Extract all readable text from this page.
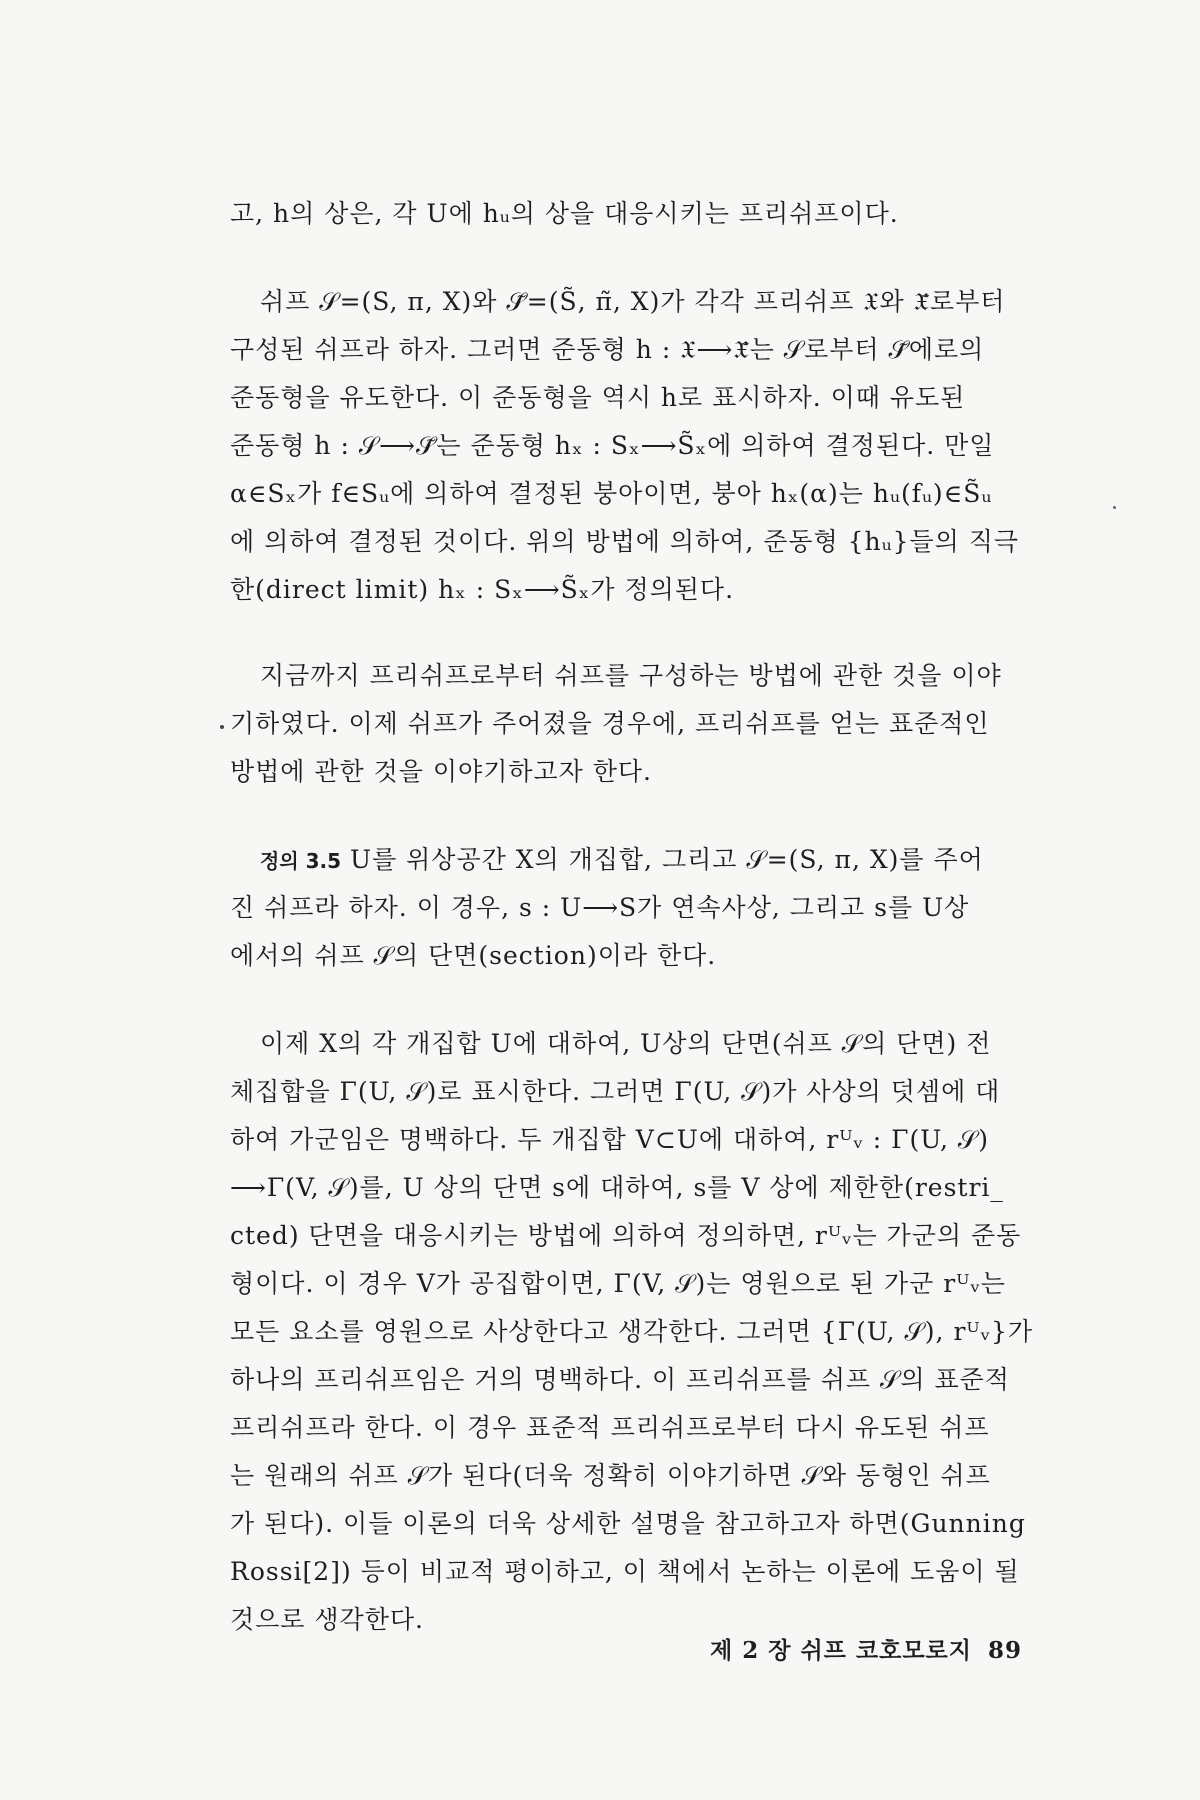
고, h의 상은, 각 U에 hᵤ의 상을 대응시키는 프리쉬프이다.

쉬프 𝒮=(S, π, X)와 𝒮̃=(S̃, π̃, X)가 각각 프리쉬프 𝔛와 𝔛̃로부터
구성된 쉬프라 하자. 그러면 준동형 h : 𝔛⟶𝔛̃는 𝒮로부터 𝒮̃에로의
준동형을 유도한다. 이 준동형을 역시 h로 표시하자. 이때 유도된
준동형 h : 𝒮⟶𝒮̃는 준동형 hₓ : Sₓ⟶S̃ₓ에 의하여 결정된다. 만일
α∈Sₓ가 f∈Sᵤ에 의하여 결정된 붕아이면, 붕아 hₓ(α)는 hᵤ(fᵤ)∈S̃ᵤ
에 의하여 결정된 것이다. 위의 방법에 의하여, 준동형 {hᵤ}들의 직극
한(direct limit) hₓ : Sₓ⟶S̃ₓ가 정의된다.

지금까지 프리쉬프로부터 쉬프를 구성하는 방법에 관한 것을 이야
기하였다. 이제 쉬프가 주어졌을 경우에, 프리쉬프를 얻는 표준적인
방법에 관한 것을 이야기하고자 한다.

정의 3.5 U를 위상공간 X의 개집합, 그리고 𝒮=(S, π, X)를 주어
진 쉬프라 하자. 이 경우, s : U⟶S가 연속사상, 그리고 s를 U상
에서의 쉬프 𝒮의 단면(section)이라 한다.

이제 X의 각 개집합 U에 대하여, U상의 단면(쉬프 𝒮의 단면) 전
체집합을 Γ(U, 𝒮)로 표시한다. 그러면 Γ(U, 𝒮)가 사상의 덧셈에 대
하여 가군임은 명백하다. 두 개집합 V⊂U에 대하여, rᵁᵥ : Γ(U, 𝒮)
⟶Γ(V, 𝒮)를, U 상의 단면 s에 대하여, s를 V 상에 제한한(restri_
cted) 단면을 대응시키는 방법에 의하여 정의하면, rᵁᵥ는 가군의 준동
형이다. 이 경우 V가 공집합이면, Γ(V, 𝒮)는 영원으로 된 가군 rᵁᵥ는
모든 요소를 영원으로 사상한다고 생각한다. 그러면 {Γ(U, 𝒮), rᵁᵥ}가
하나의 프리쉬프임은 거의 명백하다. 이 프리쉬프를 쉬프 𝒮의 표준적
프리쉬프라 한다. 이 경우 표준적 프리쉬프로부터 다시 유도된 쉬프
는 원래의 쉬프 𝒮가 된다(더욱 정확히 이야기하면 𝒮와 동형인 쉬프
가 된다). 이들 이론의 더욱 상세한 설명을 참고하고자 하면(Gunning
Rossi[2]) 등이 비교적 평이하고, 이 책에서 논하는 이론에 도움이 될
것으로 생각한다.

제 2 장 쉬프 코호모로지 89
